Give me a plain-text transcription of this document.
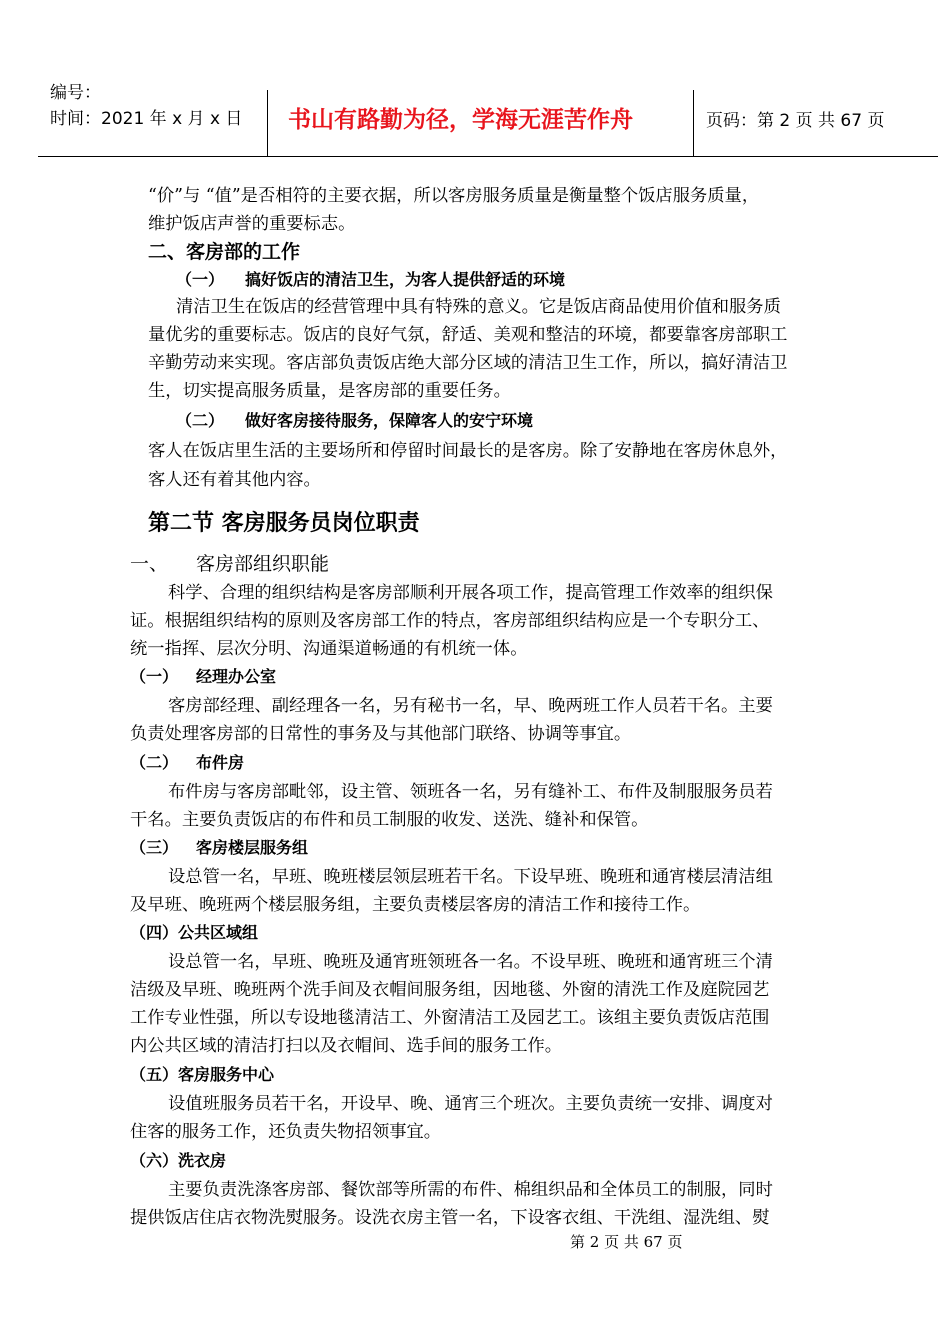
编号：
时间：2021 年 x 月 x 日 书山有路勤为径，学海无涯苦作舟	页码：第 2 页 共 67 页
“价”与 “值”是否相符的主要衣据，所以客房服务质量是衡量整个饭店服务质量，
维护饭店声誉的重要标志。
二、客房部的工作
（一） 搞好饭店的清洁卫生，为客人提供舒适的环境
清洁卫生在饭店的经营管理中具有特殊的意义。它是饭店商品使用价值和服务质
量优劣的重要标志。饭店的良好气氛，舒适、美观和整洁的环境，都要靠客房部职工
辛勤劳动来实现。客店部负责饭店绝大部分区域的清洁卫生工作，所以，搞好清洁卫
生，切实提高服务质量，是客房部的重要任务。
（二） 做好客房接待服务，保障客人的安宁环境
客人在饭店里生活的主要场所和停留时间最长的是客房。除了安静地在客房休息外，
客人还有着其他内容。
第二节 客房服务员岗位职责
一、 客房部组织职能
科学、合理的组织结构是客房部顺利开展各项工作，提高管理工作效率的组织保
证。根据组织结构的原则及客房部工作的特点，客房部组织结构应是一个专职分工、
统一指挥、层次分明、沟通渠道畅通的有机统一体。
（一） 经理办公室
客房部经理、副经理各一名，另有秘书一名，早、晚两班工作人员若干名。主要
负责处理客房部的日常性的事务及与其他部门联络、协调等事宜。
（二） 布件房
布件房与客房部毗邻，设主管、领班各一名，另有缝补工、布件及制服服务员若
干名。主要负责饭店的布件和员工制服的收发、送洗、缝补和保管。
（三） 客房楼层服务组
设总管一名，早班、晚班楼层领层班若干名。下设早班、晚班和通宵楼层清洁组
及早班、晚班两个楼层服务组，主要负责楼层客房的清洁工作和接待工作。
（四）公共区域组
设总管一名，早班、晚班及通宵班领班各一名。不设早班、晚班和通宵班三个清
洁级及早班、晚班两个洗手间及衣帽间服务组，因地毯、外窗的清洗工作及庭院园艺
工作专业性强，所以专设地毯清洁工、外窗清洁工及园艺工。该组主要负责饭店范围
内公共区域的清洁打扫以及衣帽间、选手间的服务工作。
（五）客房服务中心
设值班服务员若干名，开设早、晚、通宵三个班次。主要负责统一安排、调度对
住客的服务工作，还负责失物招领事宜。
（六）洗衣房
主要负责洗涤客房部、餐饮部等所需的布件、棉组织品和全体员工的制服，同时
提供饭店住店衣物洗熨服务。设洗衣房主管一名，下设客衣组、干洗组、湿洗组、熨
第 2 页 共 67 页
